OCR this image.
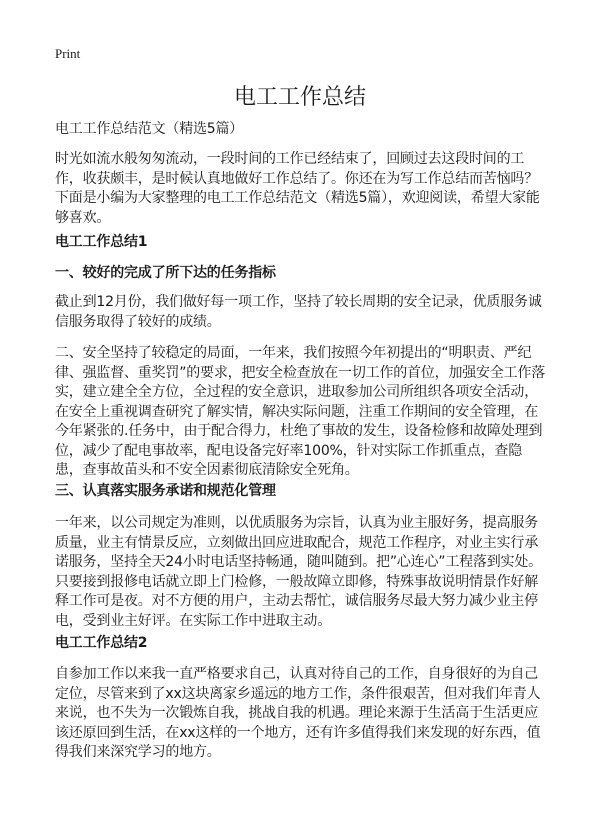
Print
电工工作总结
电工工作总结范文（精选5篇）
时光如流水般匆匆流动，一段时间的工作已经结束了，回顾过去这段时间的工作，收获颇丰，是时候认真地做好工作总结了。你还在为写工作总结而苦恼吗？下面是小编为大家整理的电工工作总结范文（精选5篇），欢迎阅读，希望大家能够喜欢。
电工工作总结1
一、较好的完成了所下达的任务指标
截止到12月份，我们做好每一项工作，坚持了较长周期的安全记录，优质服务诚信服务取得了较好的成绩。
二、安全坚持了较稳定的局面，一年来，我们按照今年初提出的“明职责、严纪律、强监督、重奖罚”的要求，把安全检查放在一切工作的首位，加强安全工作落实，建立建全全方位，全过程的安全意识，进取参加公司所组织各项安全活动，在安全上重视调查研究了解实情，解决实际问题，注重工作期间的安全管理，在今年紧张的.任务中，由于配合得力，杜绝了事故的发生，设备检修和故障处理到位，减少了配电事故率，配电设备完好率100%，针对实际工作抓重点，查隐患，查事故苗头和不安全因素彻底清除安全死角。
三、认真落实服务承诺和规范化管理
一年来，以公司规定为准则，以优质服务为宗旨，认真为业主服好务，提高服务质量，业主有情景反应，立刻做出回应进取配合，规范工作程序，对业主实行承诺服务，坚持全天24小时电话坚持畅通，随叫随到。把”心连心”工程落到实处。只要接到报修电话就立即上门检修，一般故障立即修，特殊事故说明情景作好解释工作可是夜。对不方便的用户，主动去帮忙，诚信服务尽最大努力减少业主停电，受到业主好评。在实际工作中进取主动。
电工工作总结2
自参加工作以来我一直严格要求自己，认真对待自己的工作，自身很好的为自己定位，尽管来到了xx这块离家乡遥远的地方工作，条件很艰苦，但对我们年青人来说，也不失为一次锻炼自我，挑战自我的机遇。理论来源于生活高于生活更应该还原回到生活，在xx这样的一个地方，还有许多值得我们来发现的好东西，值得我们来深究学习的地方。
